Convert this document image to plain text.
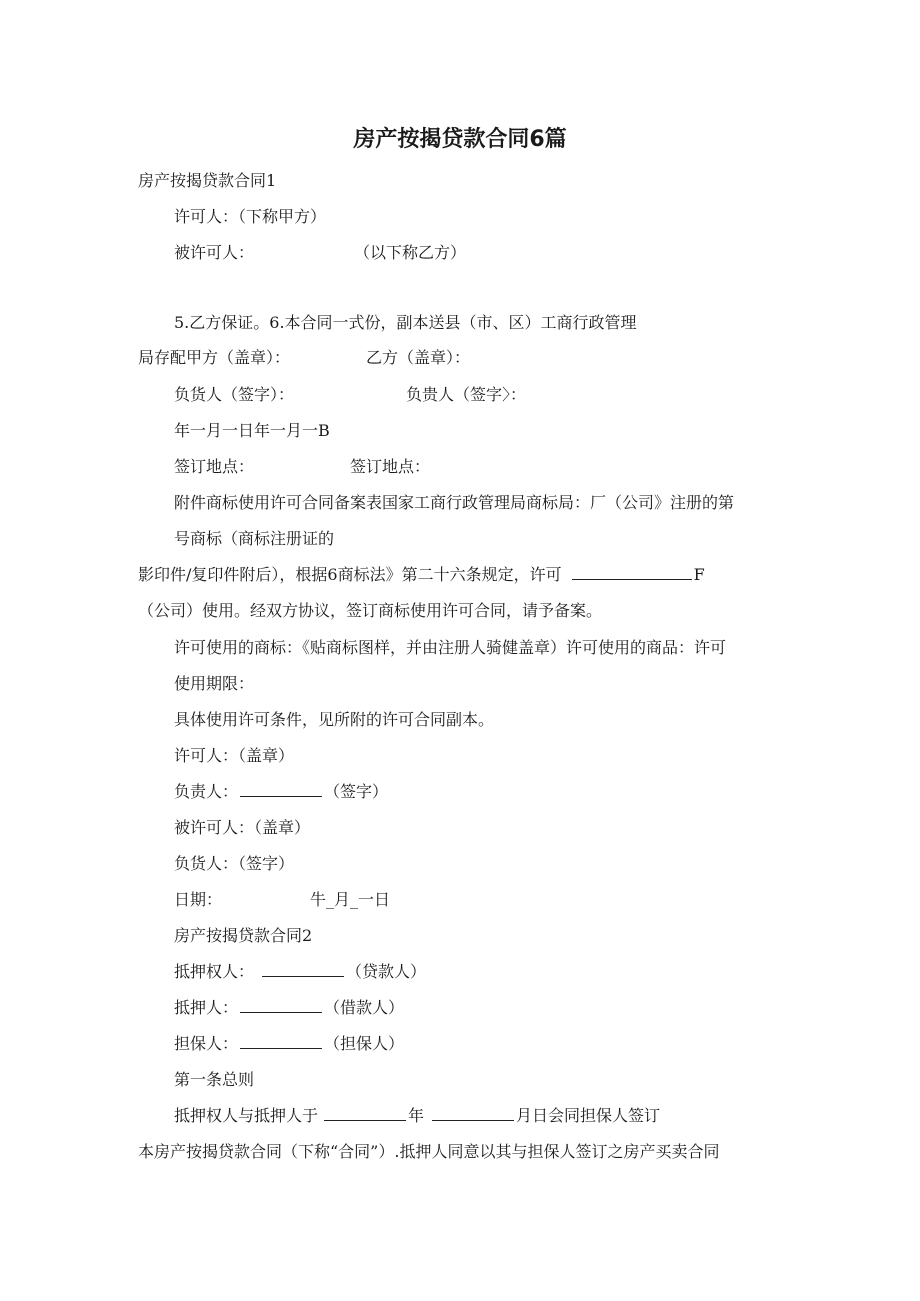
房产按揭贷款合同6篇
房产按揭贷款合同1
许可人：（下称甲方）
被许可人：	（以下称乙方）
5.乙方保证。6.本合同一式份，副本送县（市、区）工商行政管理
局存配甲方（盖章）：	乙方（盖章）：
负货人（签字）：	负贵人（签字〉：
年一月一日年一月一B
签订地点：	签订地点：
附件商标使用许可合同备案表国家工商行政管理局商标局：厂（公司》注册的第
号商标（商标注册证的
影印件/复印件附后），根据6商标法》第二十六条规定，许可	F
（公司）使用。经双方协议，签订商标使用许可合同，请予备案。
许可使用的商标：《贴商标图样，并由注册人骑健盖章）许可使用的商品：许可
使用期限：
具体使用许可条件，见所附的许可合同副本。
许可人：（盖章）
负责人：	（签字）
被许可人：（盖章）
负货人：（签字）
日期：	牛_月_一日
房产按揭贷款合同2
抵押权人：	（贷款人）
抵押人：	（借款人）
担保人：	（担保人）
第一条总则
抵押权人与抵押人于	年	月日会同担保人签订
本房产按揭贷款合同（下称“合同”）.抵押人同意以其与担保人签订之房产买卖合同
